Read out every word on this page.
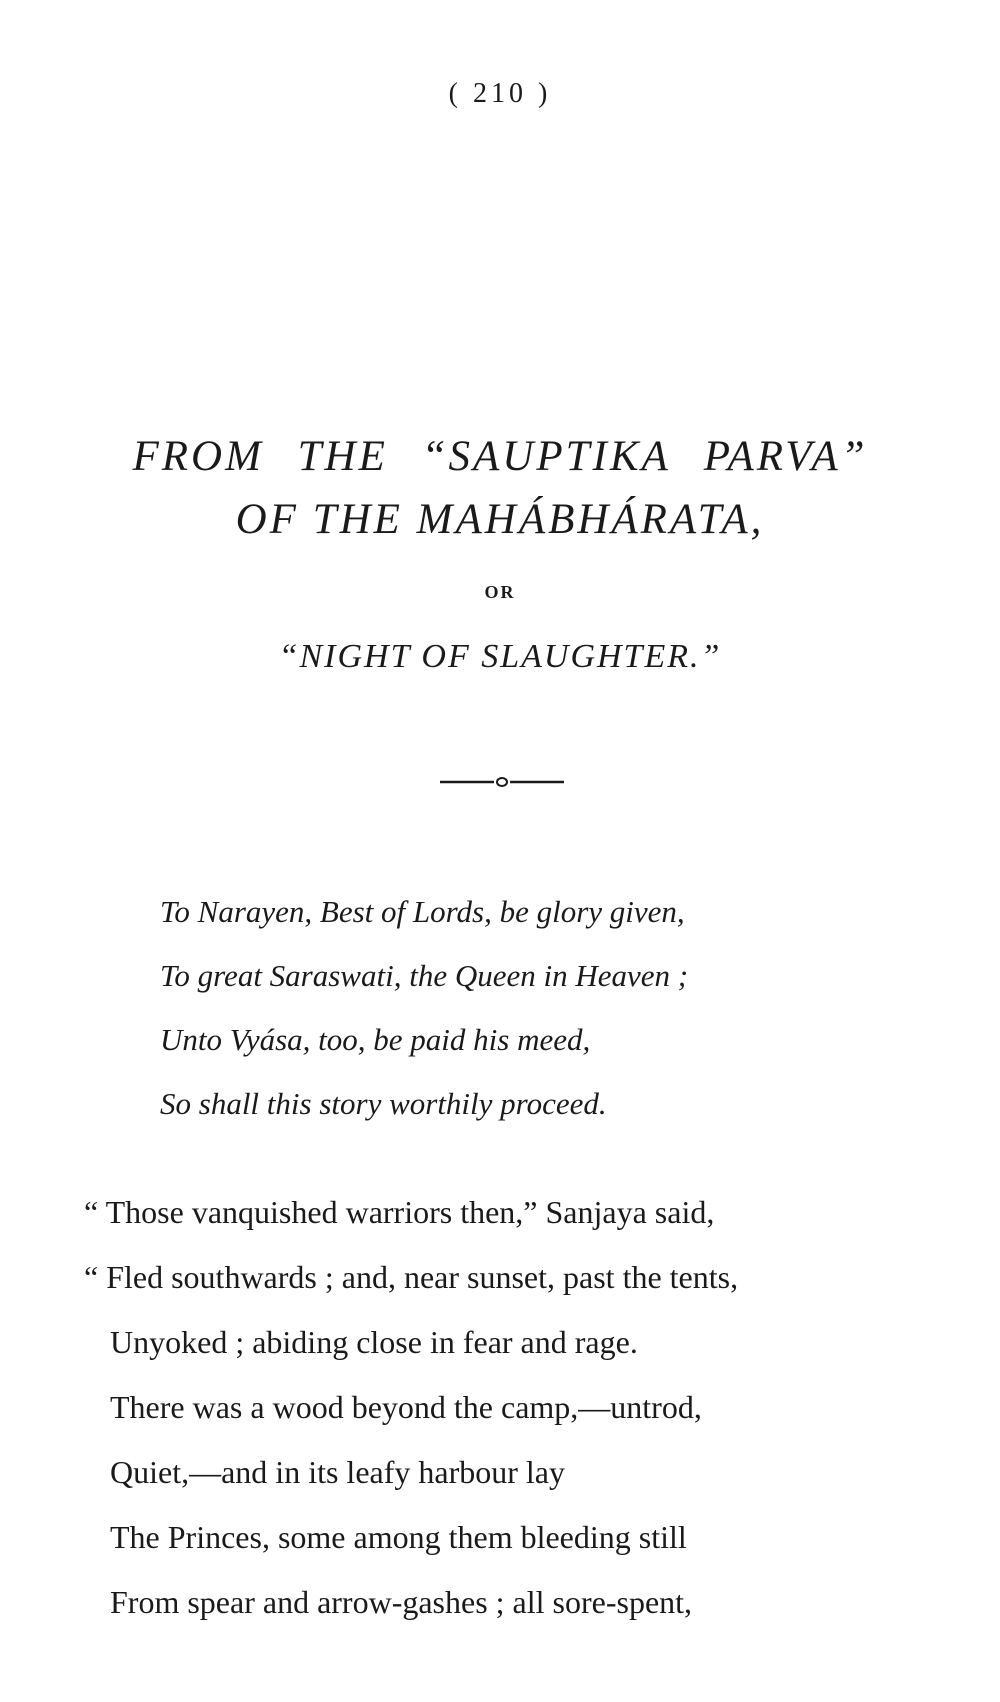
( 210 )
FROM THE “SAUPTIKA PARVA”
OF THE MAHÁBHÁRATA,
OR
“NIGHT OF SLAUGHTER.”
To Narayen, Best of Lords, be glory given,
To great Saraswati, the Queen in Heaven ;
Unto Vyása, too, be paid his meed,
So shall this story worthily proceed.
“ Those vanquished warriors then,” Sanjaya said,
“ Fled southwards ; and, near sunset, past the tents,
Unyoked ; abiding close in fear and rage.
There was a wood beyond the camp,—untrod,
Quiet,—and in its leafy harbour lay
The Princes, some among them bleeding still
From spear and arrow-gashes ; all sore-spent,
